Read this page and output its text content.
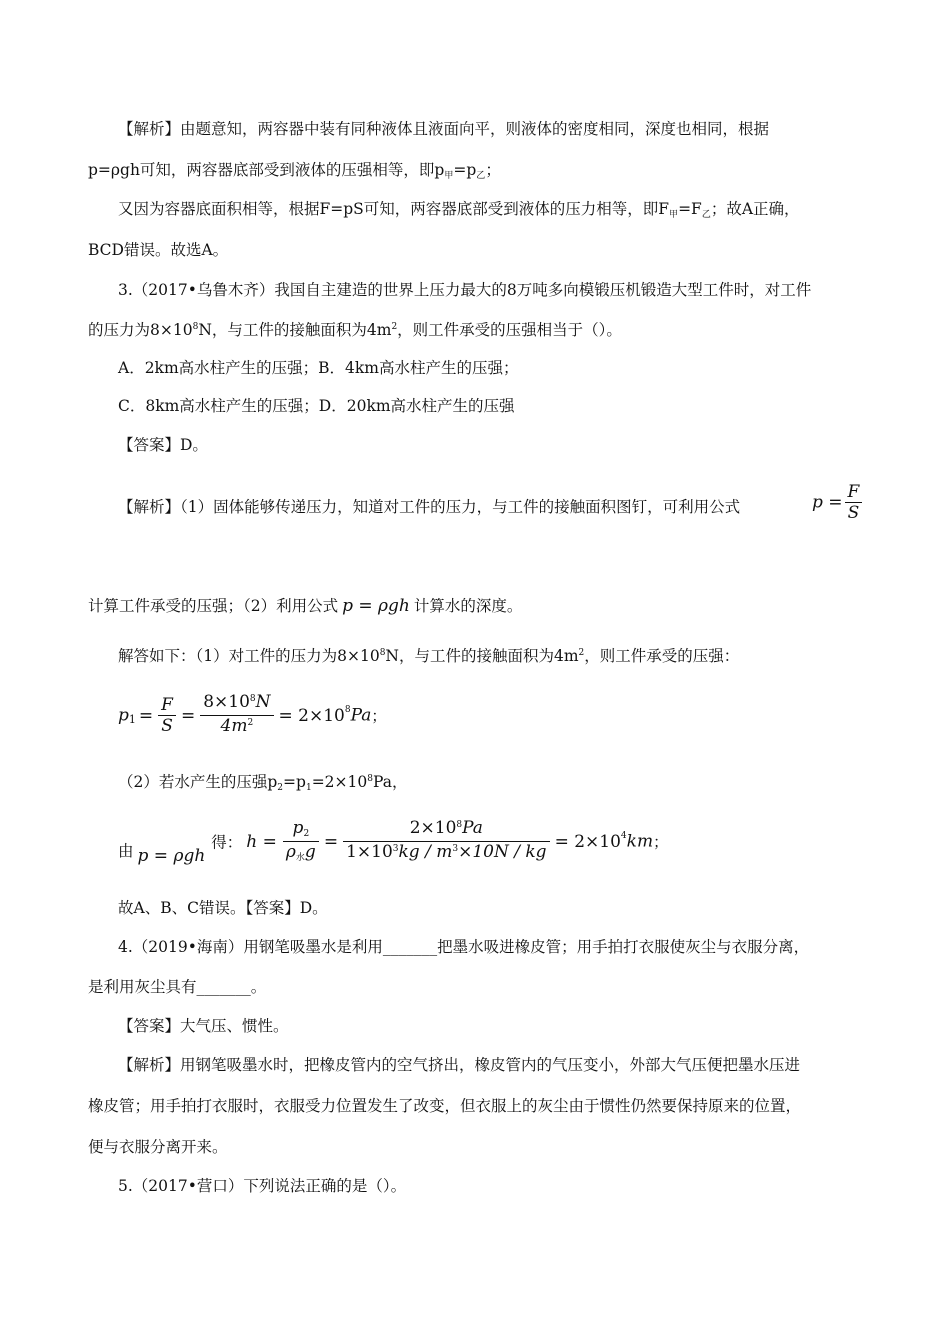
【解析】由题意知，两容器中装有同种液体且液面向平，则液体的密度相同，深度也相同，根据
p=ρgh可知，两容器底部受到液体的压强相等，即p甲=p乙；
又因为容器底面积相等，根据F=pS可知，两容器底部受到液体的压力相等，即F甲=F乙；故A正确，
BCD错误。故选A。
3.（2017•乌鲁木齐）我国自主建造的世界上压力最大的8万吨多向模锻压机锻造大型工件时，对工件
的压力为$8\times 10^8N$，与工件的接触面积为$4m^2$，则工件承受的压强相当于（）。
A．2km高水柱产生的压强；B．4km高水柱产生的压强；
C．8km高水柱产生的压强；D．20km高水柱产生的压强
【答案】D。
【解析】（1）固体能够传递压力，知道对工件的压力，与工件的接触面积图钉，可利用公式	$p = \frac{F}{S}$
计算工件承受的压强；（2）利用公式 p = ρgh 计算水的深度。
解答如下：（1）对工件的压力为$8\times 10^8N$，与工件的接触面积为$4m^2$，则工件承受的压强：
$p1 = \frac{F}{S} = \frac{8\times 10^8N}{4m^2} = 2\times 10^8Pa$；
（2）若水产生的压强$p2=p1=2\times 10^8Pa$，
由 p = ρgh得： $h = \frac{p2}{\text{ρ水g}} = \frac{2\times 10^8Pa}{1\times 10^3kg / m^3\times 10N / kg} = 2\times 10^4km$；
故A、B、C错误。【答案】D。
4.（2019•海南）用钢笔吸墨水是利用_______把墨水吸进橡皮管；用手拍打衣服使灰尘与衣服分离，
是利用灰尘具有_______。
【答案】大气压、惯性。
【解析】用钢笔吸墨水时，把橡皮管内的空气挤出，橡皮管内的气压变小，外部大气压便把墨水压进
橡皮管；用手拍打衣服时，衣服受力位置发生了改变，但衣服上的灰尘由于惯性仍然要保持原来的位置，
便与衣服分离开来。
5.（2017•营口）下列说法正确的是（）。
